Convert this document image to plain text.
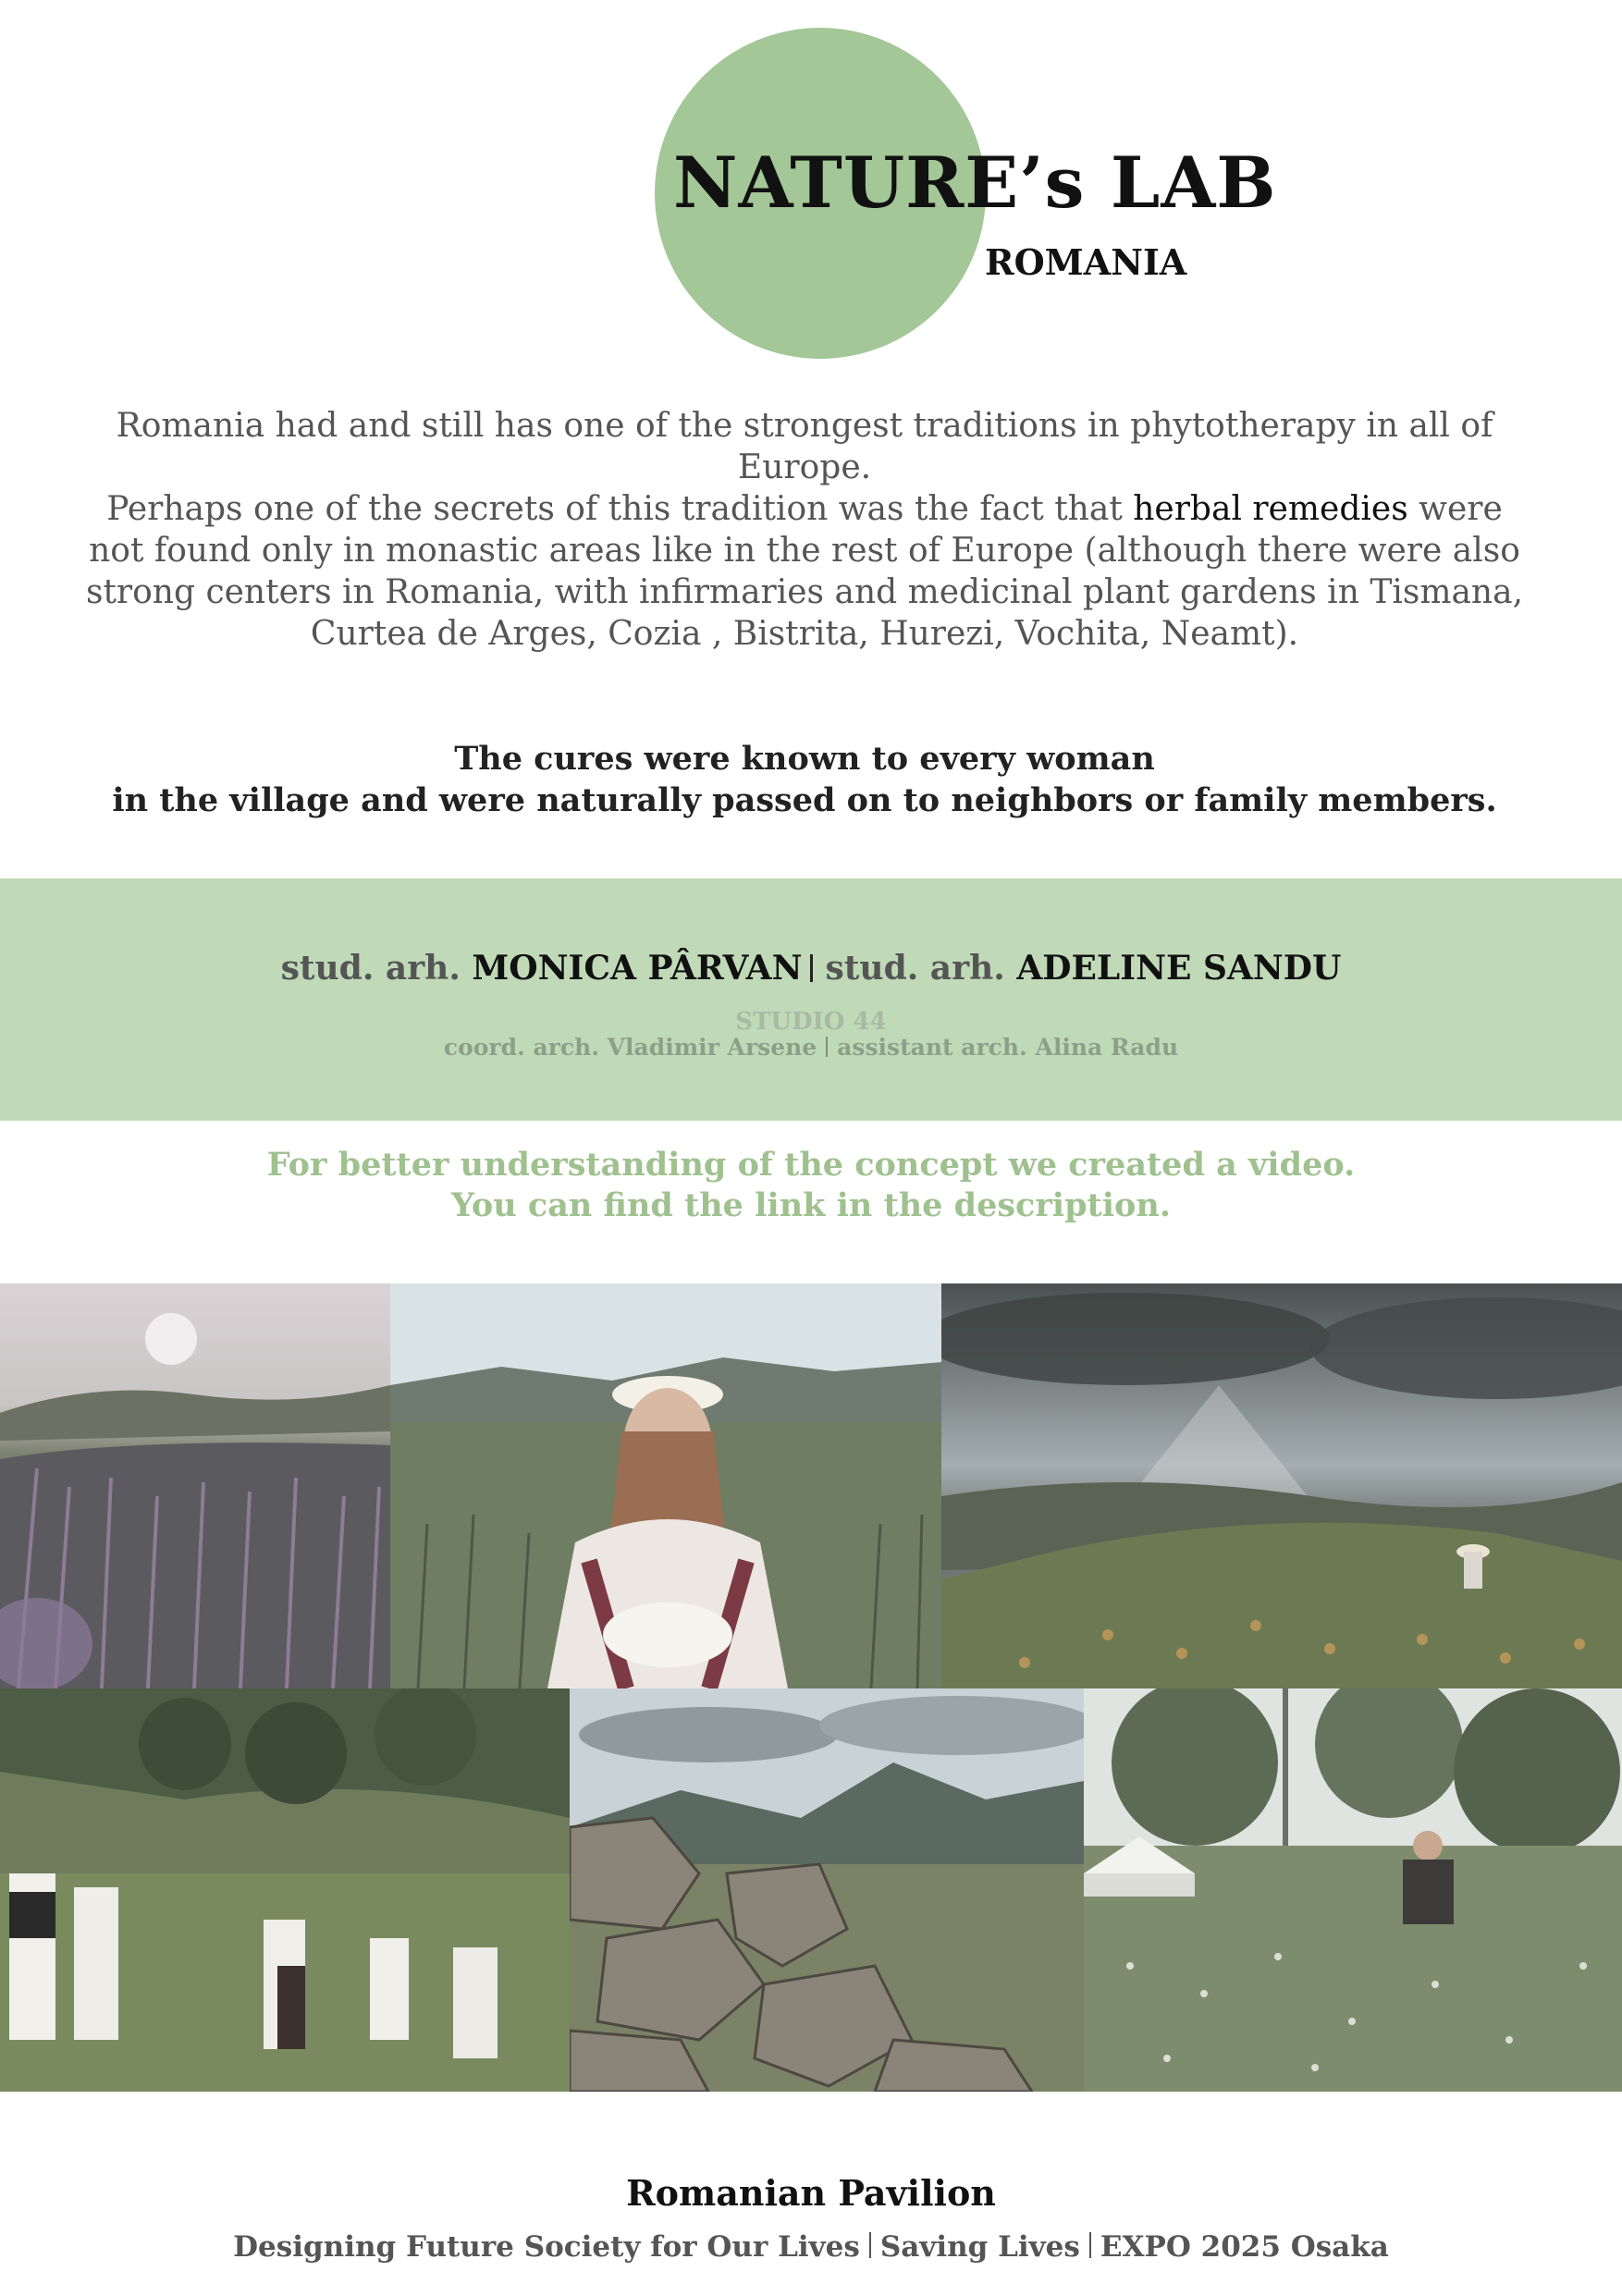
NATURE’s LAB
ROMANIA
Romania had and still has one of the strongest traditions in phytotherapy in all of Europe.
Perhaps one of the secrets of this tradition was the fact that herbal remedies were not found only in monastic areas like in the rest of Europe (although there were also strong centers in Romania, with infirmaries and medicinal plant gardens in Tismana, Curtea de Arges, Cozia , Bistrita, Hurezi, Vochita, Neamt).
The cures were known to every woman
in the village and were naturally passed on to neighbors or family members.
stud. arh. MONICA PÂRVAN stud. arh. ADELINE SANDU
STUDIO 44
coord. arch. Vladimir Arsene assistant arch. Alina Radu
For better understanding of the concept we created a video.
You can find the link in the description.
Romanian Pavilion
Designing Future Society for Our Lives Saving Lives EXPO 2025 Osaka
